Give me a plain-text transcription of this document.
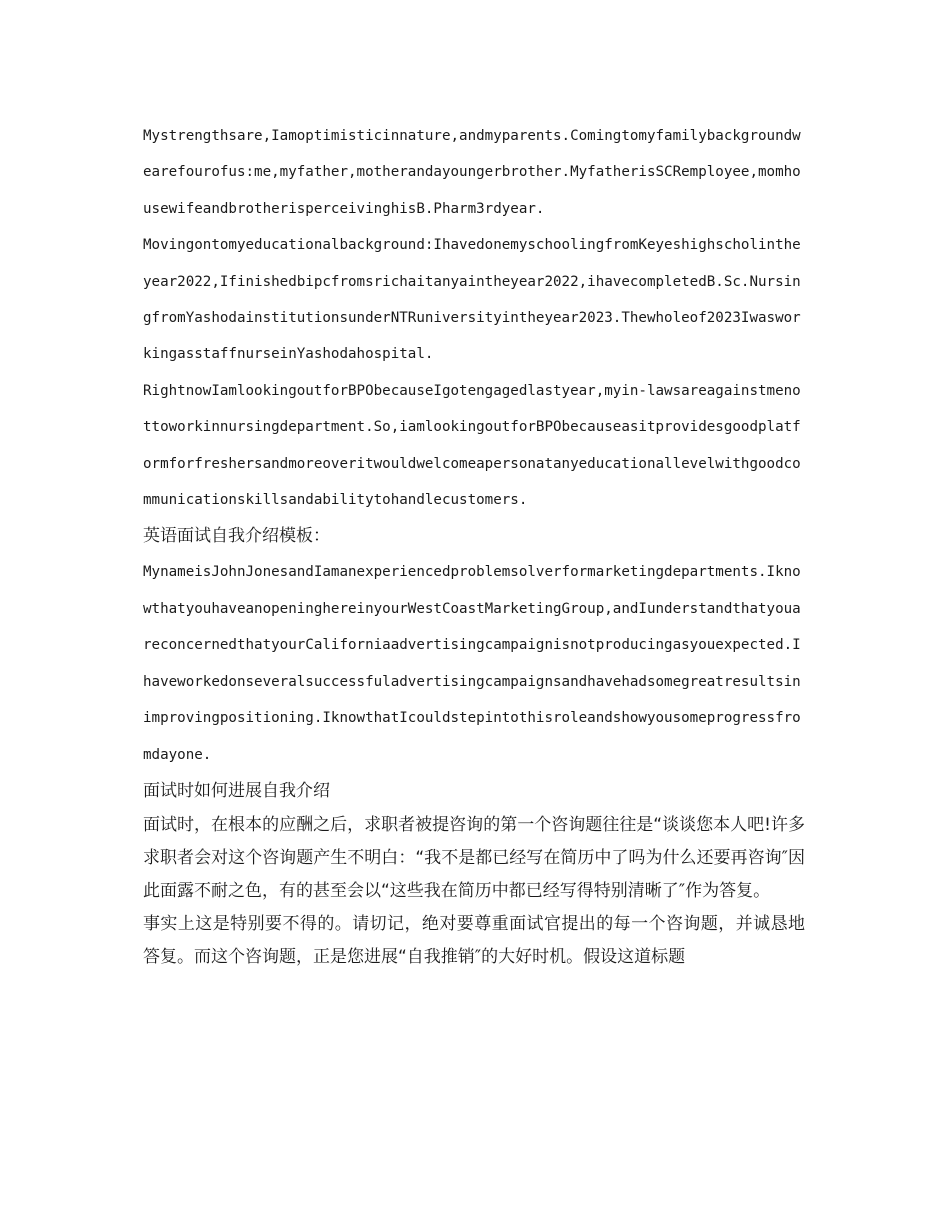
Mystrengthsare,Iamoptimisticinnature,andmyparents.Comingtomyfamilybackgroundwearefourofus:me,myfather,motherandayoungerbrother.MyfatherisSCRemployee,momhousewifeandbrotherisperceivinghisB.Pharm3rdyear.

Movingontomyeducationalbackground:IhavedonemyschoolingfromKeyeshighscholintheyear2022,Ifinishedbipcfromsrichaitanyaintheyear2022,ihavecompletedB.Sc.NursingfromYashodainstitutionsunderNTRuniversityintheyear2023.Thewholeof2023IwasworkingasstaffnurseinYashodahospital.

RightnowIamlookingoutforBPObecauseIgotengagedlastyear,myin-lawsareagainstmenottoworkinnursingdepartment.So,iamlookingoutforBPObecauseasitprovidesgoodplatformforfreshersandmoreoveritwouldwelcomeapersonatanyeducationallevelwithgoodcommunicationskillsandabilitytohandlecustomers.

英语面试自我介绍模板：

MynameisJohnJonesandIamanexperiencedproblemsolverformarketingdepartments.IknowthatyouhaveanopeninghereinyourWestCoastMarketingGroup,andIunderstandthatyouareconcernedthatyourCaliforniaadvertisingcampaignisnotproducingasyouexpected.Ihaveworkedonseveralsuccessfuladvertisingcampaignsandhavehadsomegreatresultsinimprovingpositioning.IknowthatIcouldstepintothisroleandshowyousomeprogressfromdayone.

面试时如何进展自我介绍

面试时，在根本的应酬之后，求职者被提咨询的第一个咨询题往往是“谈谈您本人吧!许多求职者会对这个咨询题产生不明白：“我不是都已经写在简历中了吗为什么还要再咨询″因此面露不耐之色，有的甚至会以“这些我在简历中都已经写得特别清晰了″作为答复。

事实上这是特别要不得的。请切记，绝对要尊重面试官提出的每一个咨询题，并诚恳地答复。而这个咨询题，正是您进展“自我推销″的大好时机。假设这道标题
